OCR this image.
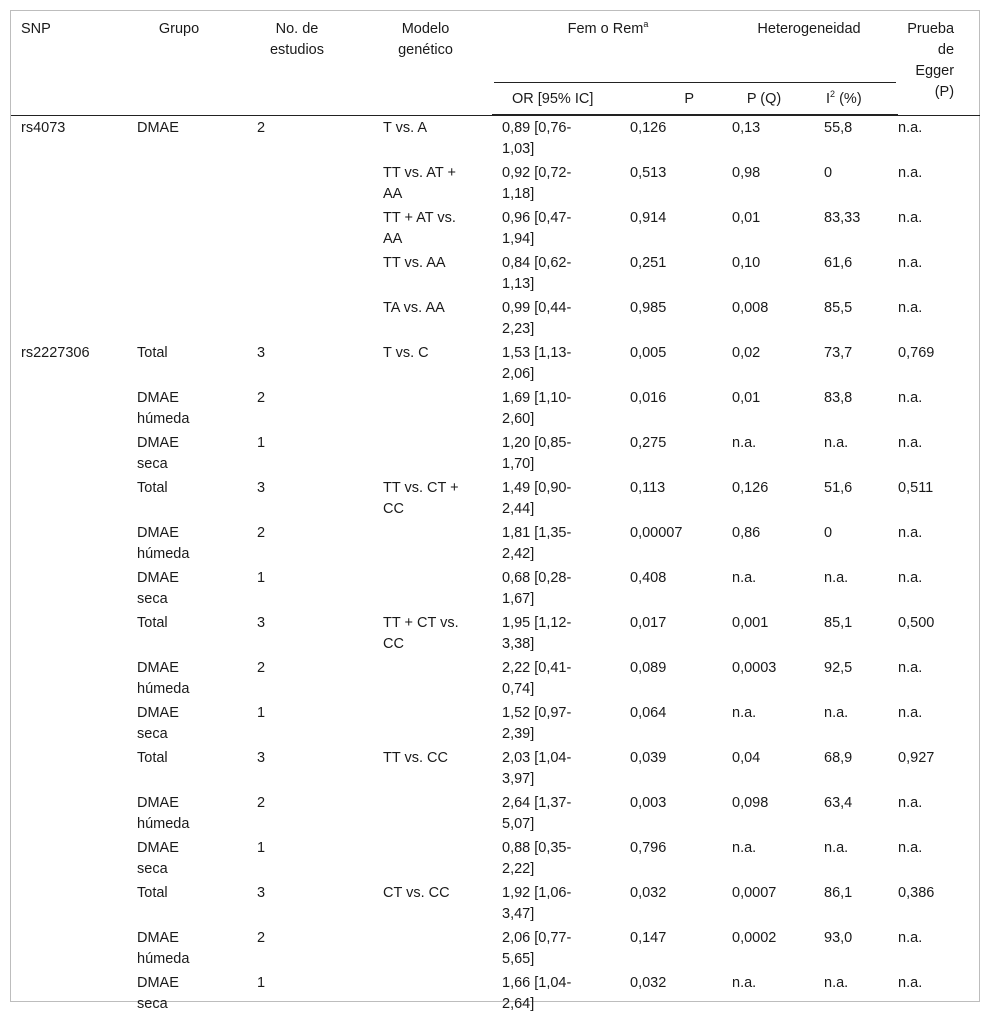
SNP	Grupo	No. de estudios	Modelo genético	Fem o Rem$^a$		Heterogeneidad		Prueba de Egger (P)
				OR [95% IC]	P	P (Q)	$I^2$ (%)	
rs4073	DMAE	2	T vs. A	0,89 [0,76-1,03]	0,126	0,13	55,8	n.a.
			TT vs. AT + AA	0,92 [0,72-1,18]	0,513	0,98	0	n.a.
			TT + AT vs. AA	0,96 [0,47-1,94]	0,914	0,01	83,33	n.a.
			TT vs. AA	0,84 [0,62-1,13]	0,251	0,10	61,6	n.a.
			TA vs. AA	0,99 [0,44-2,23]	0,985	0,008	85,5	n.a.
rs2227306	Total	3	T vs. C	1,53 [1,13-2,06]	0,005	0,02	73,7	0,769
	DMAE húmeda	2		1,69 [1,10-2,60]	0,016	0,01	83,8	n.a.
	DMAE seca	1		1,20 [0,85-1,70]	0,275	n.a.	n.a.	n.a.
	Total	3	TT vs. CT + CC	1,49 [0,90-2,44]	0,113	0,126	51,6	0,511
	DMAE húmeda	2		1,81 [1,35-2,42]	0,00007	0,86	0	n.a.
	DMAE seca	1		0,68 [0,28-1,67]	0,408	n.a.	n.a.	n.a.
	Total	3	TT + CT vs. CC	1,95 [1,12-3,38]	0,017	0,001	85,1	0,500
	DMAE húmeda	2		2,22 [0,41-0,74]	0,089	0,0003	92,5	n.a.
	DMAE seca	1		1,52 [0,97-2,39]	0,064	n.a.	n.a.	n.a.
	Total	3	TT vs. CC	2,03 [1,04-3,97]	0,039	0,04	68,9	0,927
	DMAE húmeda	2		2,64 [1,37-5,07]	0,003	0,098	63,4	n.a.
	DMAE seca	1		0,88 [0,35-2,22]	0,796	n.a.	n.a.	n.a.
	Total	3	CT vs. CC	1,92 [1,06-3,47]	0,032	0,0007	86,1	0,386
	DMAE húmeda	2		2,06 [0,77-5,65]	0,147	0,0002	93,0	n.a.
	DMAE seca	1		1,66 [1,04-2,64]	0,032	n.a.	n.a.	n.a.
